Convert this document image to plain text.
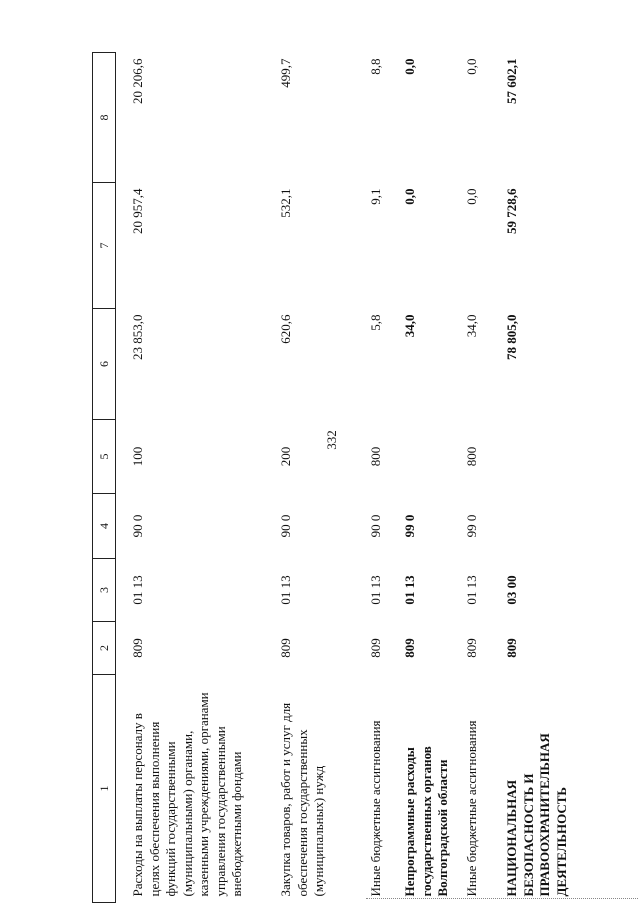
332
1	2	3	4	5	6	7	8

Расходы на выплаты персоналу в целях обеспечения выполнения функций государственными (муниципальными) органами, казенными учреждениями, органами управления государственными внебюджетными фондами	809	01 13	90 0	100	23 853,0	20 957,4	20 206,6
Закупка товаров, работ и услуг для обеспечения государственных (муниципальных) нужд	809	01 13	90 0	200	620,6	532,1	499,7
Иные бюджетные ассигнования	809	01 13	90 0	800	5,8	9,1	8,8
Непрограммные расходы государственных органов Волгоградской области	809	01 13	99 0		34,0	0,0	0,0
Иные бюджетные ассигнования	809	01 13	99 0	800	34,0	0,0	0,0
НАЦИОНАЛЬНАЯ БЕЗОПАСНОСТЬ И ПРАВООХРАНИТЕЛЬНАЯ ДЕЯТЕЛЬНОСТЬ	809	03 00			78 805,0	59 728,6	57 602,1
